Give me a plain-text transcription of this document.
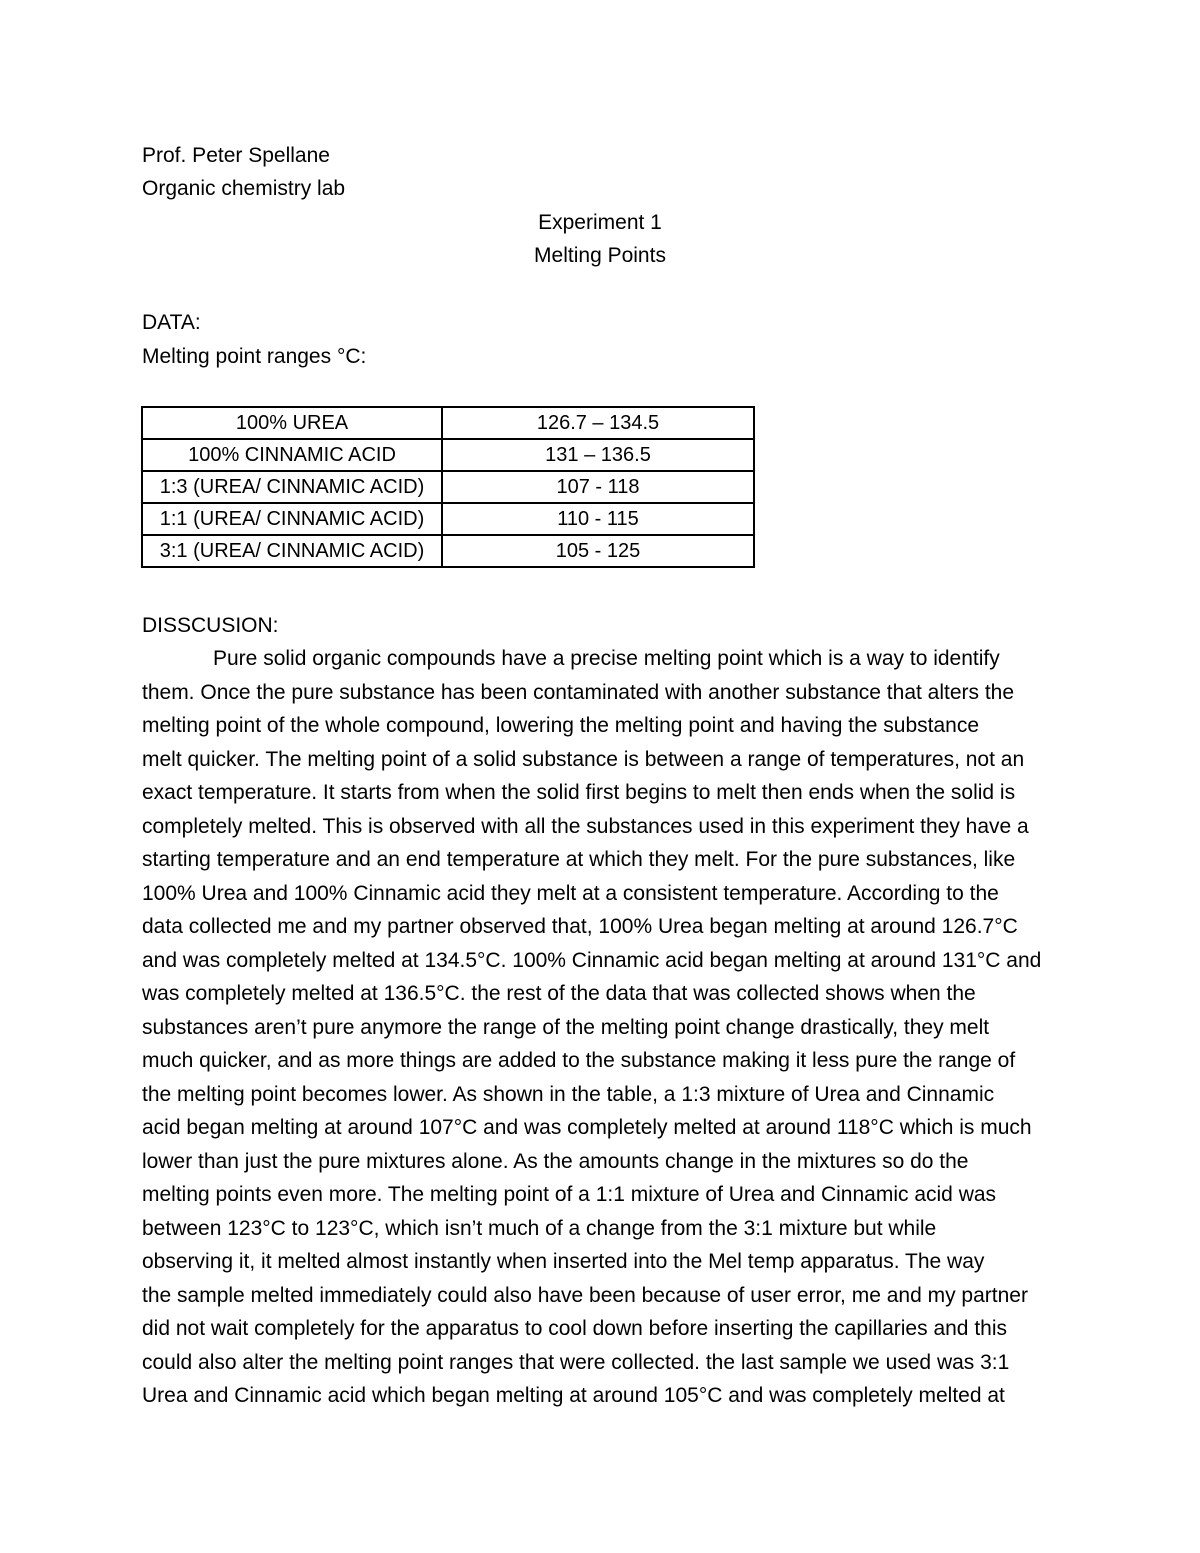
Prof. Peter Spellane
Organic chemistry lab
Experiment 1
Melting Points
DATA:
Melting point ranges °C:
100% UREA	126.7 – 134.5
100% CINNAMIC ACID	131 – 136.5
1:3 (UREA/ CINNAMIC ACID)	107 - 118
1:1 (UREA/ CINNAMIC ACID)	110 - 115
3:1 (UREA/ CINNAMIC ACID)	105 - 125
DISSCUSION:
Pure solid organic compounds have a precise melting point which is a way to identify
them. Once the pure substance has been contaminated with another substance that alters the
melting point of the whole compound, lowering the melting point and having the substance
melt quicker. The melting point of a solid substance is between a range of temperatures, not an
exact temperature. It starts from when the solid first begins to melt then ends when the solid is
completely melted. This is observed with all the substances used in this experiment they have a
starting temperature and an end temperature at which they melt. For the pure substances, like
100% Urea and 100% Cinnamic acid they melt at a consistent temperature. According to the
data collected me and my partner observed that, 100% Urea began melting at around 126.7°C
and was completely melted at 134.5°C. 100% Cinnamic acid began melting at around 131°C and
was completely melted at 136.5°C. the rest of the data that was collected shows when the
substances aren’t pure anymore the range of the melting point change drastically, they melt
much quicker, and as more things are added to the substance making it less pure the range of
the melting point becomes lower. As shown in the table, a 1:3 mixture of Urea and Cinnamic
acid began melting at around 107°C and was completely melted at around 118°C which is much
lower than just the pure mixtures alone. As the amounts change in the mixtures so do the
melting points even more. The melting point of a 1:1 mixture of Urea and Cinnamic acid was
between 123°C to 123°C, which isn’t much of a change from the 3:1 mixture but while
observing it, it melted almost instantly when inserted into the Mel temp apparatus. The way
the sample melted immediately could also have been because of user error, me and my partner
did not wait completely for the apparatus to cool down before inserting the capillaries and this
could also alter the melting point ranges that were collected. the last sample we used was 3:1
Urea and Cinnamic acid which began melting at around 105°C and was completely melted at
